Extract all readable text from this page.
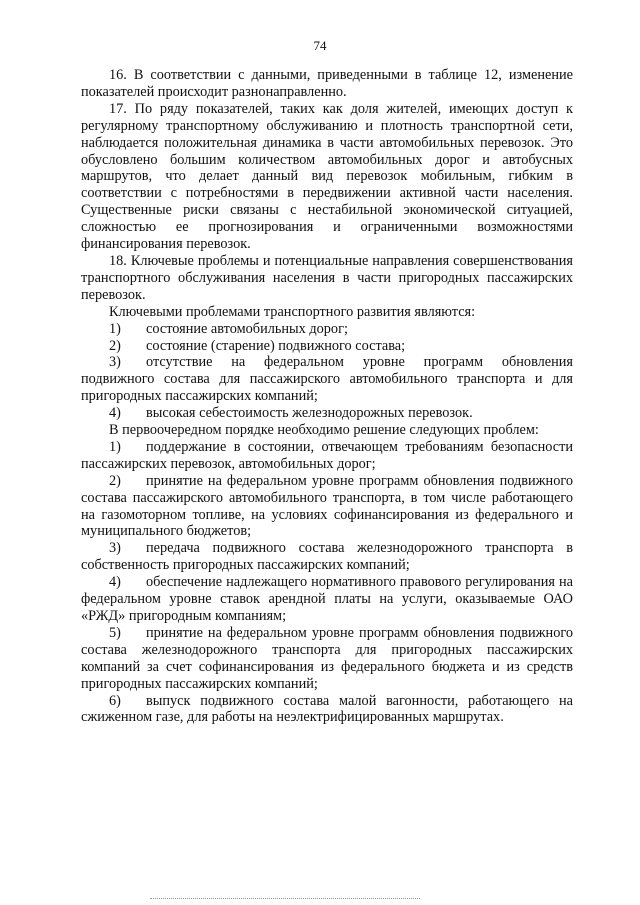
74

16. В соответствии с данными, приведенными в таблице 12, изменение показателей происходит разнонаправленно.

17. По ряду показателей, таких как доля жителей, имеющих доступ к регулярному транспортному обслуживанию и плотность транспортной сети, наблюдается положительная динамика в части автомобильных перевозок. Это обусловлено большим количеством автомобильных дорог и автобусных маршрутов, что делает данный вид перевозок мобильным, гибким в соответствии с потребностями в передвижении активной части населения. Существенные риски связаны с нестабильной экономической ситуацией, сложностью ее прогнозирования и ограниченными возможностями финансирования перевозок.

18. Ключевые проблемы и потенциальные направления совершенствования транспортного обслуживания населения в части пригородных пассажирских перевозок.

Ключевыми проблемами транспортного развития являются:

1) состояние автомобильных дорог;

2) состояние (старение) подвижного состава;

3) отсутствие на федеральном уровне программ обновления подвижного состава для пассажирского автомобильного транспорта и для пригородных пассажирских компаний;

4) высокая себестоимость железнодорожных перевозок.

В первоочередном порядке необходимо решение следующих проблем:

1) поддержание в состоянии, отвечающем требованиям безопасности пассажирских перевозок, автомобильных дорог;

2) принятие на федеральном уровне программ обновления подвижного состава пассажирского автомобильного транспорта, в том числе работающего на газомоторном топливе, на условиях софинансирования из федерального и муниципального бюджетов;

3) передача подвижного состава железнодорожного транспорта в собственность пригородных пассажирских компаний;

4) обеспечение надлежащего нормативного правового регулирования на федеральном уровне ставок арендной платы на услуги, оказываемые ОАО «РЖД» пригородным компаниям;

5) принятие на федеральном уровне программ обновления подвижного состава железнодорожного транспорта для пригородных пассажирских компаний за счет софинансирования из федерального бюджета и из средств пригородных пассажирских компаний;

6) выпуск подвижного состава малой вагонности, работающего на сжиженном газе, для работы на неэлектрифицированных маршрутах.
